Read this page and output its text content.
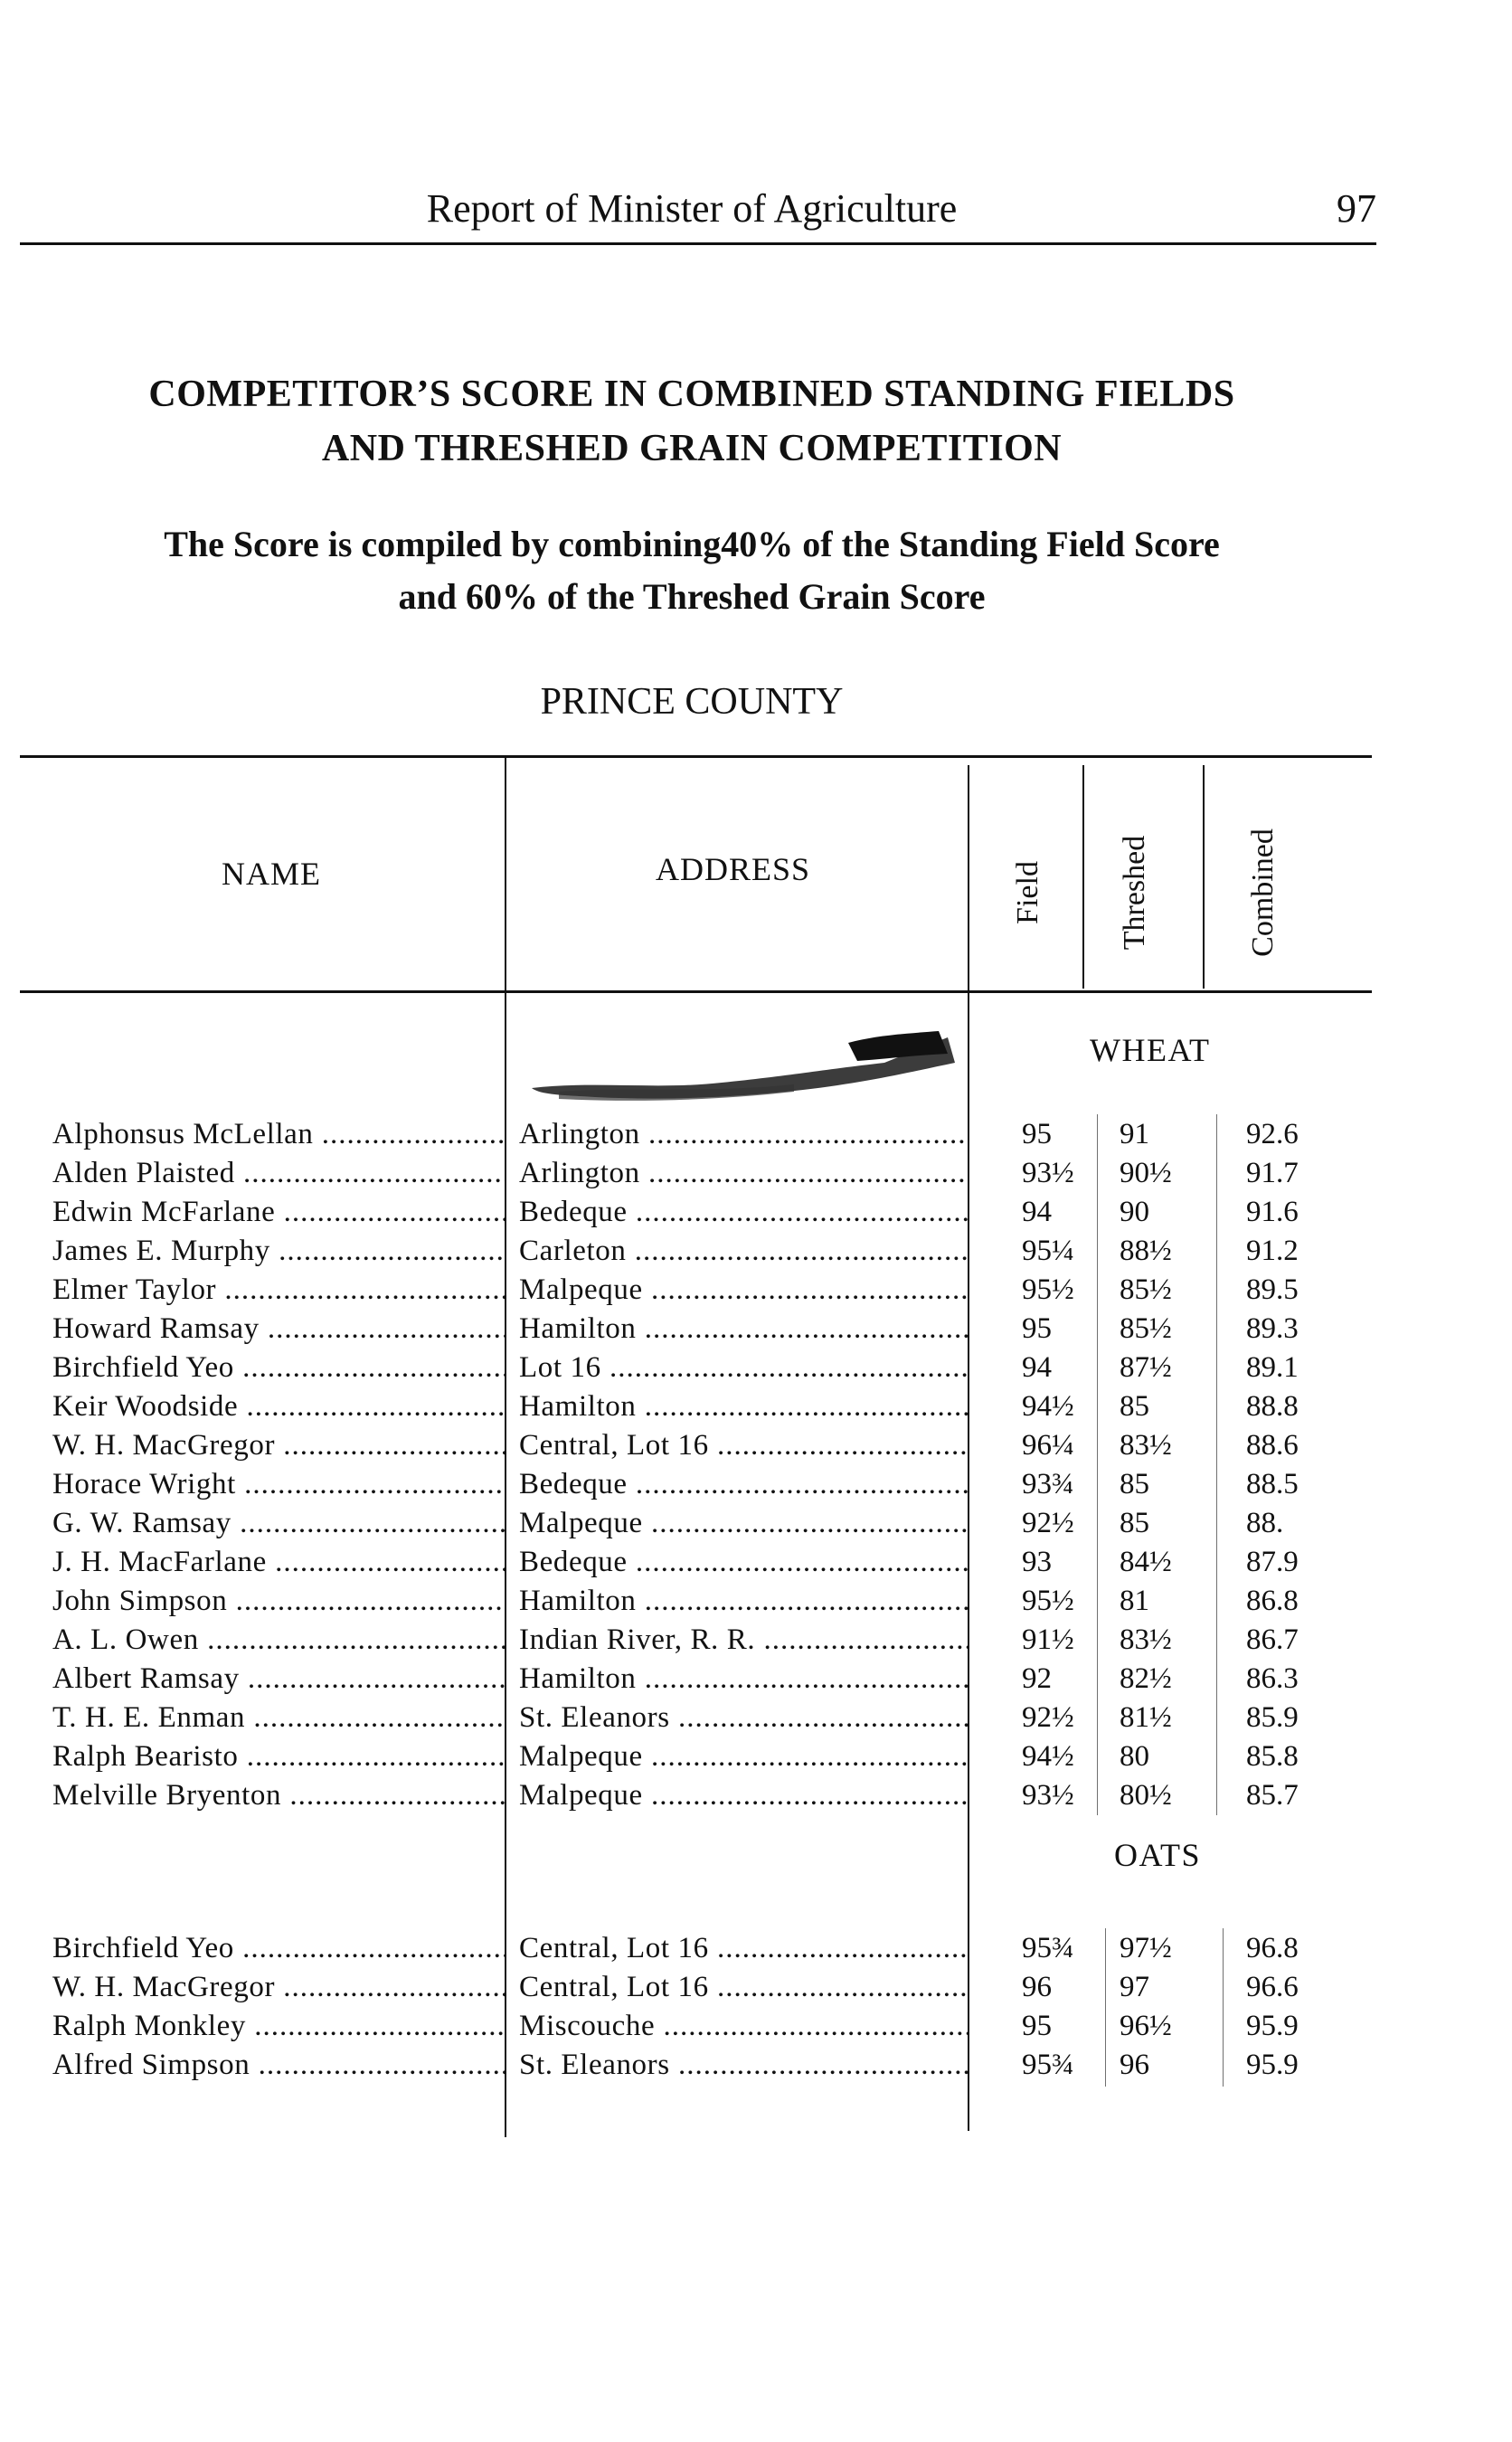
Report of Minister of Agriculture	97
COMPETITOR’S SCORE IN COMBINED STANDING FIELDS
AND THRESHED GRAIN COMPETITION
The Score is compiled by combining40% of the Standing Field Score
and 60% of the Threshed Grain Score
PRINCE COUNTY
NAME	ADDRESS	Field Threshed	Combined
WHEAT
OATS
Alphonsus McLellan .....	Arlington .....	95	91	92.6
Alden Plaisted .....	Arlington .....	93½	90½	91.7
Edwin McFarlane .....	Bedeque .....	94	90	91.6
James E. Murphy .....	Carleton .....	95¼	88½	91.2
Elmer Taylor .....	Malpeque .....	95½	85½	89.5
Howard Ramsay .....	Hamilton .....	95	85½	89.3
Birchfield Yeo .....	Lot 16 .....	94	87½	89.1
Keir Woodside .....	Hamilton .....	94½	85	88.8
W. H. MacGregor .....	Central, Lot 16 .....	96¼	83½	88.6
Horace Wright .....	Bedeque .....	93¾	85	88.5
G. W. Ramsay .....	Malpeque .....	92½	85	88.
J. H. MacFarlane .....	Bedeque .....	93	84½	87.9
John Simpson .....	Hamilton .....	95½	81	86.8
A. L. Owen .....	Indian River, R. R. .....	91½	83½	86.7
Albert Ramsay .....	Hamilton .....	92	82½	86.3
T. H. E. Enman .....	St. Eleanors .....	92½	81½	85.9
Ralph Bearisto .....	Malpeque .....	94½	80	85.8
Melville Bryenton .....	Malpeque .....	93½	80½	85.7
Birchfield Yeo .....	Central, Lot 16 .....	95¾	97½	96.8
W. H. MacGregor .....	Central, Lot 16 .....	96	97	96.6
Ralph Monkley .....	Miscouche .....	95	96½	95.9
Alfred Simpson .....	St. Eleanors .....	95¾	96	95.9
